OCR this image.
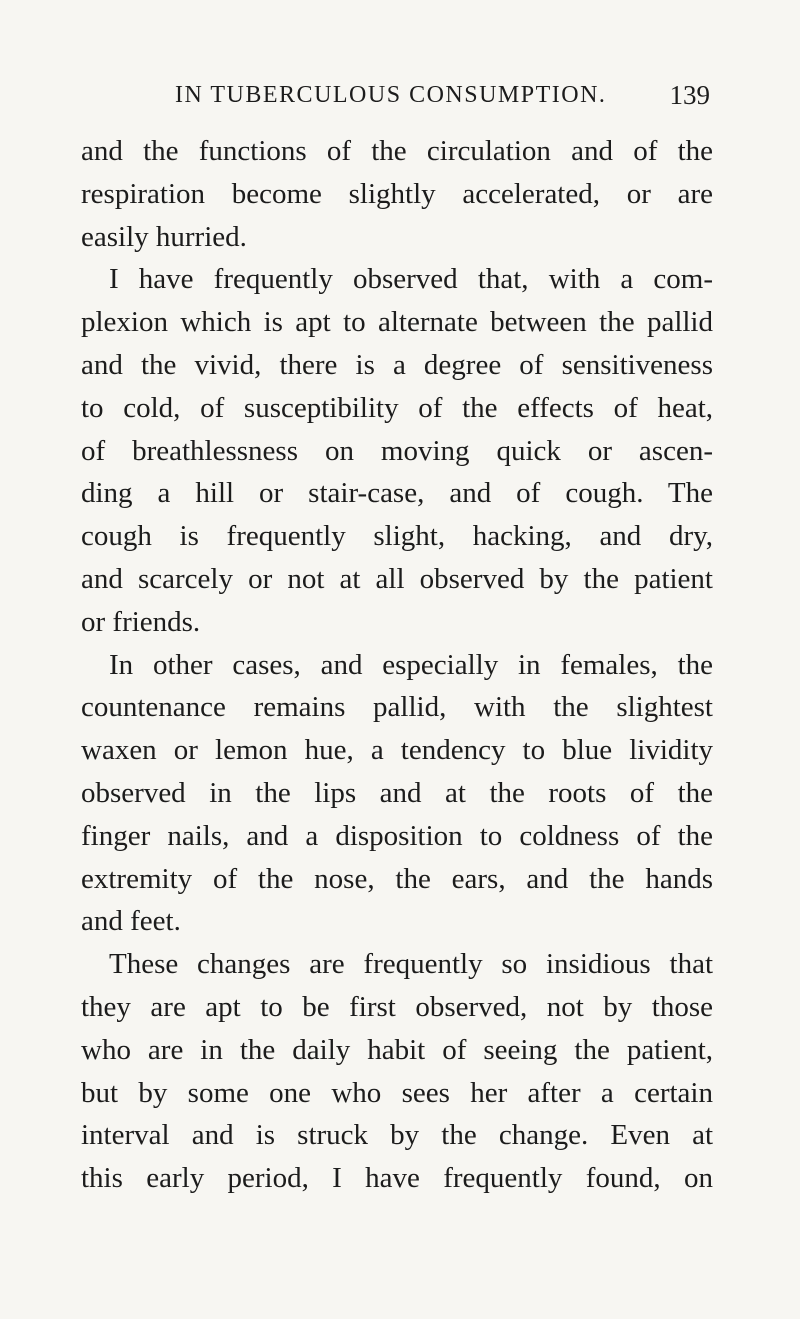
IN TUBERCULOUS CONSUMPTION. 139
and the functions of the circulation and of the
respiration become slightly accelerated, or are
easily hurried.
I have frequently observed that, with a com-
plexion which is apt to alternate between the pallid
and the vivid, there is a degree of sensitiveness
to cold, of susceptibility of the effects of heat,
of breathlessness on moving quick or ascen-
ding a hill or stair-case, and of cough. The
cough is frequently slight, hacking, and dry,
and scarcely or not at all observed by the patient
or friends.
In other cases, and especially in females, the
countenance remains pallid, with the slightest
waxen or lemon hue, a tendency to blue lividity
observed in the lips and at the roots of the
finger nails, and a disposition to coldness of the
extremity of the nose, the ears, and the hands
and feet.
These changes are frequently so insidious that
they are apt to be first observed, not by those
who are in the daily habit of seeing the patient,
but by some one who sees her after a certain
interval and is struck by the change. Even at
this early period, I have frequently found, on
